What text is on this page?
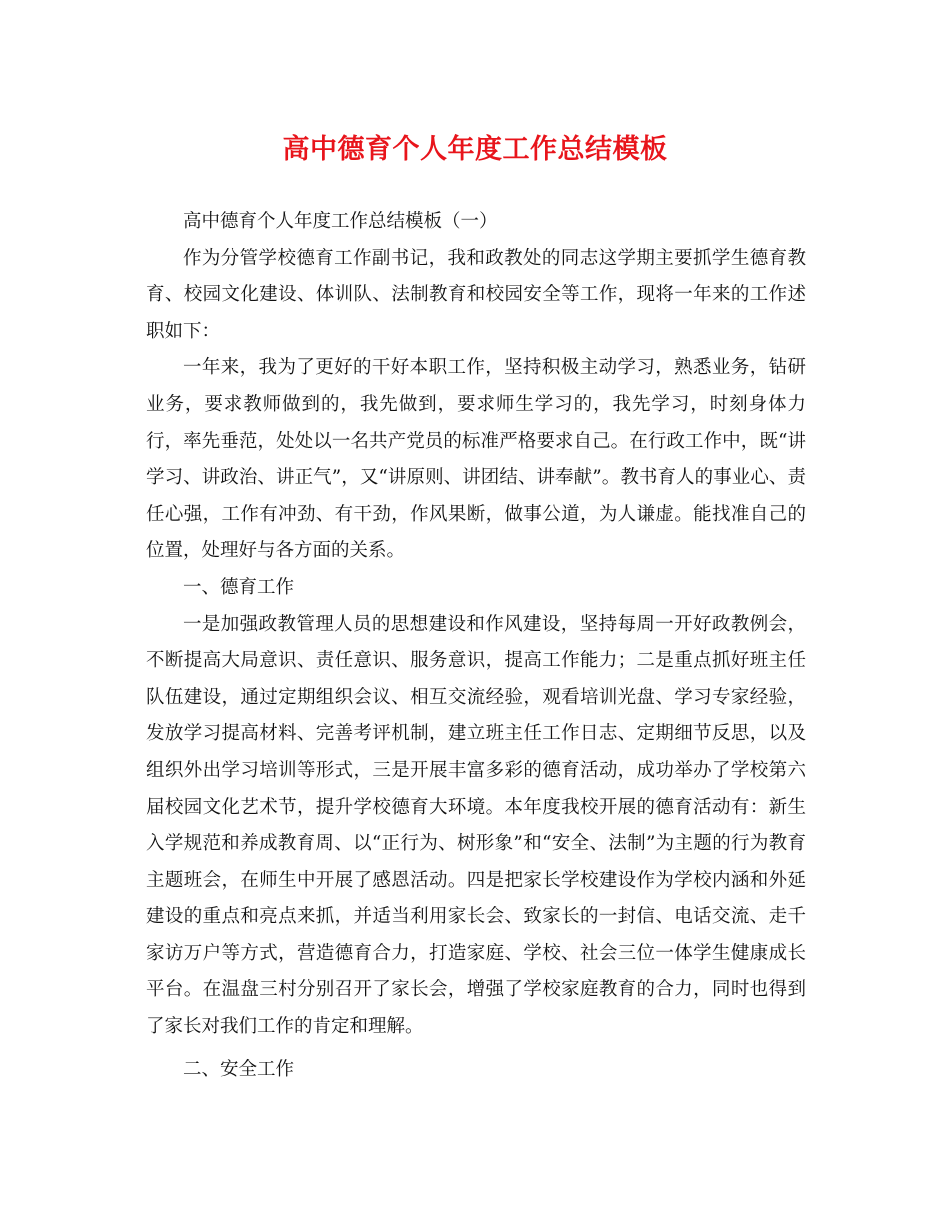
高中德育个人年度工作总结模板

高中德育个人年度工作总结模板（一）

作为分管学校德育工作副书记，我和政教处的同志这学期主要抓学生德育教育、校园文化建设、体训队、法制教育和校园安全等工作，现将一年来的工作述职如下：

一年来，我为了更好的干好本职工作，坚持积极主动学习，熟悉业务，钻研业务，要求教师做到的，我先做到，要求师生学习的，我先学习，时刻身体力行，率先垂范，处处以一名共产党员的标准严格要求自己。在行政工作中，既“讲学习、讲政治、讲正气”，又“讲原则、讲团结、讲奉献”。教书育人的事业心、责任心强，工作有冲劲、有干劲，作风果断，做事公道，为人谦虚。能找准自己的位置，处理好与各方面的关系。

一、德育工作

一是加强政教管理人员的思想建设和作风建设，坚持每周一开好政教例会，不断提高大局意识、责任意识、服务意识，提高工作能力；二是重点抓好班主任队伍建设，通过定期组织会议、相互交流经验，观看培训光盘、学习专家经验，发放学习提高材料、完善考评机制，建立班主任工作日志、定期细节反思，以及组织外出学习培训等形式，三是开展丰富多彩的德育活动，成功举办了学校第六届校园文化艺术节，提升学校德育大环境。本年度我校开展的德育活动有：新生入学规范和养成教育周、以“正行为、树形象”和“安全、法制”为主题的行为教育主题班会，在师生中开展了感恩活动。四是把家长学校建设作为学校内涵和外延建设的重点和亮点来抓，并适当利用家长会、致家长的一封信、电话交流、走千家访万户等方式，营造德育合力，打造家庭、学校、社会三位一体学生健康成长平台。在温盘三村分别召开了家长会，增强了学校家庭教育的合力，同时也得到了家长对我们工作的肯定和理解。

二、安全工作
